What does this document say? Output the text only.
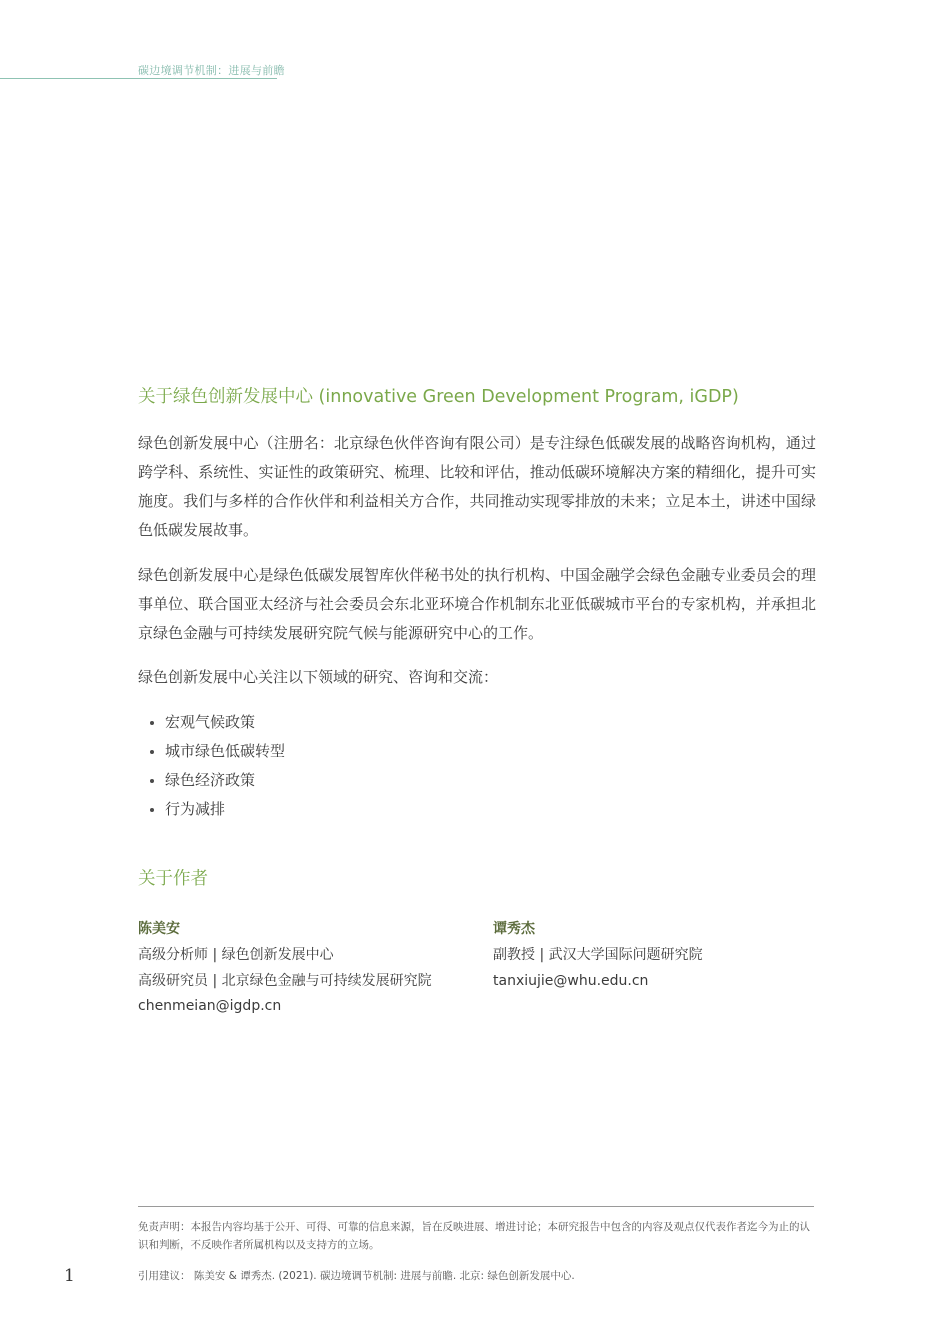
碳边境调节机制：进展与前瞻
关于绿色创新发展中心 (innovative Green Development Program, iGDP)

绿色创新发展中心（注册名：北京绿色伙伴咨询有限公司）是专注绿色低碳发展的战略咨询机构，通过跨学科、系统性、实证性的政策研究、梳理、比较和评估，推动低碳环境解决方案的精细化，提升可实施度。我们与多样的合作伙伴和利益相关方合作，共同推动实现零排放的未来；立足本土，讲述中国绿色低碳发展故事。

绿色创新发展中心是绿色低碳发展智库伙伴秘书处的执行机构、中国金融学会绿色金融专业委员会的理事单位、联合国亚太经济与社会委员会东北亚环境合作机制东北亚低碳城市平台的专家机构，并承担北京绿色金融与可持续发展研究院气候与能源研究中心的工作。

绿色创新发展中心关注以下领域的研究、咨询和交流：

宏观气候政策
城市绿色低碳转型
绿色经济政策
行为减排
关于作者

陈美安

高级分析师 | 绿色创新发展中心

高级研究员 | 北京绿色金融与可持续发展研究院

chenmeian@igdp.cn

谭秀杰

副教授 | 武汉大学国际问题研究院

tanxiujie@whu.edu.cn

免责声明：本报告内容均基于公开、可得、可靠的信息来源，旨在反映进展、增进讨论；本研究报告中包含的内容及观点仅代表作者迄今为止的认识和判断，不反映作者所属机构以及支持方的立场。

1	引用建议： 陈美安 & 谭秀杰. (2021). 碳边境调节机制: 进展与前瞻. 北京: 绿色创新发展中心.
